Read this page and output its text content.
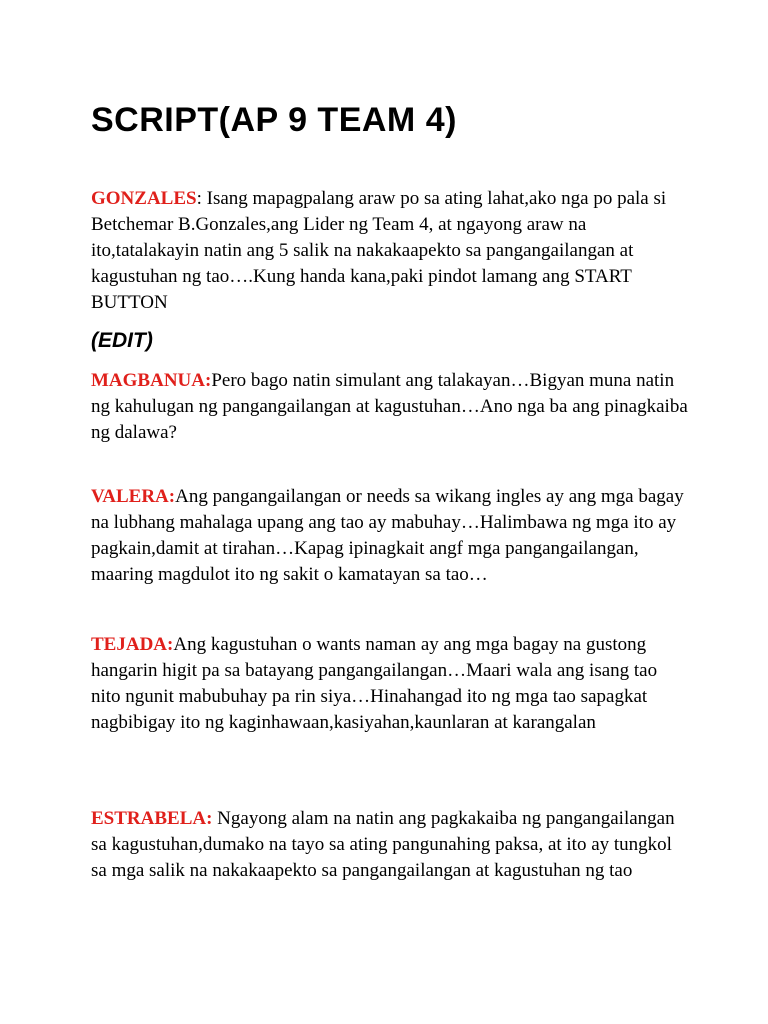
SCRIPT(AP 9 TEAM 4)

GONZALES: Isang mapagpalang araw po sa ating lahat,ako nga po pala si Betchemar B.Gonzales,ang Lider ng Team 4, at ngayong araw na ito,tatalakayin natin ang 5 salik na nakakaapekto sa pangangailangan at kagustuhan ng tao….Kung handa kana,paki pindot lamang ang START BUTTON

(EDIT)

MAGBANUA:Pero bago natin simulant ang talakayan…Bigyan muna natin ng kahulugan ng pangangailangan at kagustuhan…Ano nga ba ang pinagkaiba ng dalawa?

VALERA:Ang pangangailangan or needs sa wikang ingles ay ang mga bagay na lubhang mahalaga upang ang tao ay mabuhay…Halimbawa ng mga ito ay pagkain,damit at tirahan…Kapag ipinagkait angf mga pangangailangan, maaring magdulot ito ng sakit o kamatayan sa tao…

TEJADA:Ang kagustuhan o wants naman ay ang mga bagay na gustong hangarin higit pa sa batayang pangangailangan…Maari wala ang isang tao nito ngunit mabubuhay pa rin siya…Hinahangad ito ng mga tao sapagkat nagbibigay ito ng kaginhawaan,kasiyahan,kaunlaran at karangalan

ESTRABELA: Ngayong alam na natin ang pagkakaiba ng pangangailangan sa kagustuhan,dumako na tayo sa ating pangunahing paksa, at ito ay tungkol sa mga salik na nakakaapekto sa pangangailangan at kagustuhan ng tao
